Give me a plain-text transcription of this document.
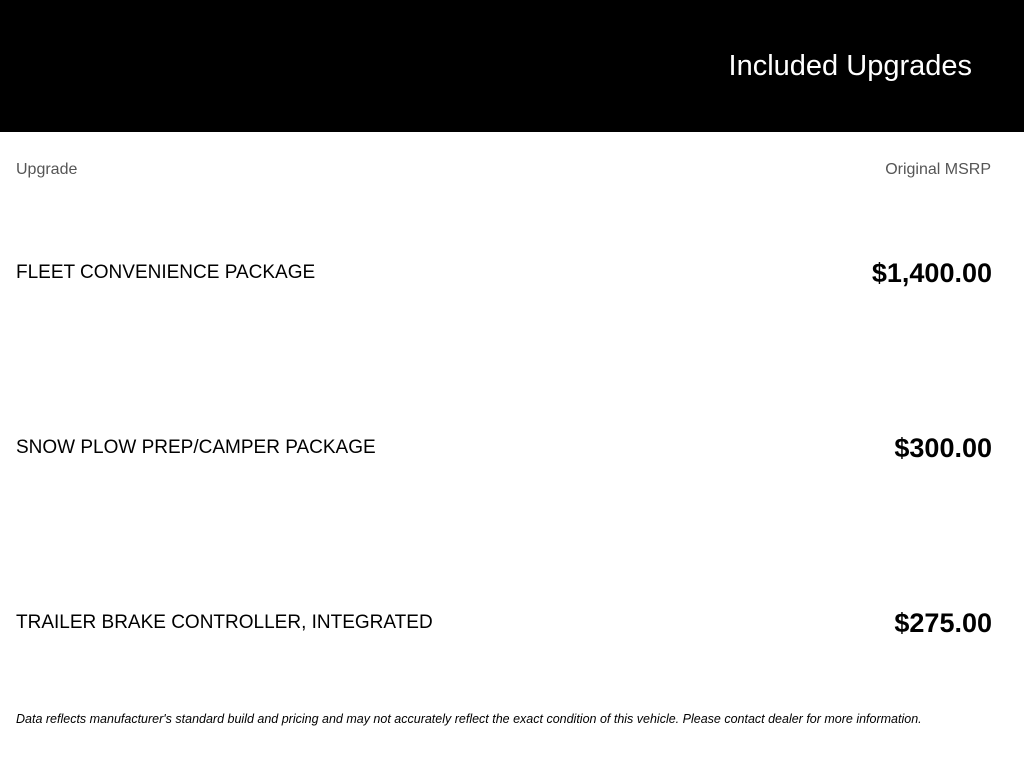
Included Upgrades
Upgrade	Original MSRP
FLEET CONVENIENCE PACKAGE	$1,400.00
SNOW PLOW PREP/CAMPER PACKAGE	$300.00
TRAILER BRAKE CONTROLLER, INTEGRATED	$275.00
Data reflects manufacturer's standard build and pricing and may not accurately reflect the exact condition of this vehicle. Please contact dealer for more information.
